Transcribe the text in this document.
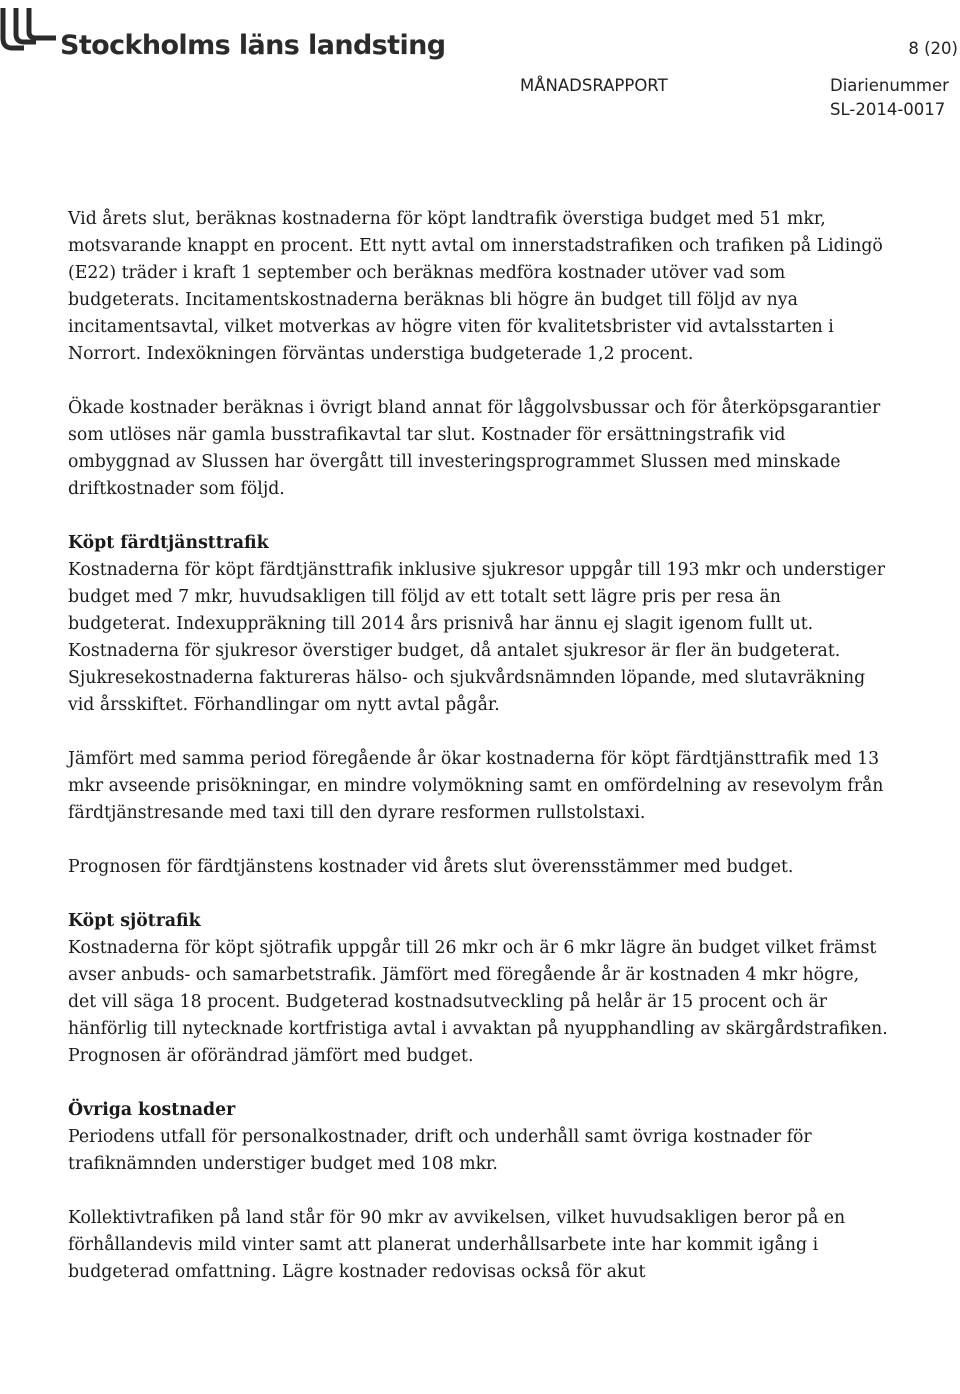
Stockholms läns landsting	8 (20)
MÅNADSRAPPORT	Diarienummer
SL-2014-0017

Vid årets slut, beräknas kostnaderna för köpt landtrafik överstiga budget med 51 mkr, motsvarande knappt en procent. Ett nytt avtal om innerstadstrafiken och trafiken på Lidingö (E22) träder i kraft 1 september och beräknas medföra kostnader utöver vad som budgeterats. Incitamentskostnaderna beräknas bli högre än budget till följd av nya incitamentsavtal, vilket motverkas av högre viten för kvalitetsbrister vid avtalsstarten i Norrort. Indexökningen förväntas understiga budgeterade 1,2 procent.

Ökade kostnader beräknas i övrigt bland annat för låggolvsbussar och för återköpsgarantier som utlöses när gamla busstrafikavtal tar slut. Kostnader för ersättningstrafik vid ombyggnad av Slussen har övergått till investeringsprogrammet Slussen med minskade driftkostnader som följd.

Köpt färdtjänsttrafik

Kostnaderna för köpt färdtjänsttrafik inklusive sjukresor uppgår till 193 mkr och understiger budget med 7 mkr, huvudsakligen till följd av ett totalt sett lägre pris per resa än budgeterat. Indexuppräkning till 2014 års prisnivå har ännu ej slagit igenom fullt ut. Kostnaderna för sjukresor överstiger budget, då antalet sjukresor är fler än budgeterat. Sjukresekostnaderna faktureras hälso- och sjukvårdsnämnden löpande, med slutavräkning vid årsskiftet. Förhandlingar om nytt avtal pågår.

Jämfört med samma period föregående år ökar kostnaderna för köpt färdtjänsttrafik med 13 mkr avseende prisökningar, en mindre volymökning samt en omfördelning av resevolym från färdtjänstresande med taxi till den dyrare resformen rullstolstaxi.

Prognosen för färdtjänstens kostnader vid årets slut överensstämmer med budget.

Köpt sjötrafik

Kostnaderna för köpt sjötrafik uppgår till 26 mkr och är 6 mkr lägre än budget vilket främst avser anbuds- och samarbetstrafik. Jämfört med föregående år är kostnaden 4 mkr högre, det vill säga 18 procent. Budgeterad kostnadsutveckling på helår är 15 procent och är hänförlig till nytecknade kortfristiga avtal i avvaktan på nyupphandling av skärgårdstrafiken. Prognosen är oförändrad jämfört med budget.

Övriga kostnader

Periodens utfall för personalkostnader, drift och underhåll samt övriga kostnader för trafiknämnden understiger budget med 108 mkr.

Kollektivtrafiken på land står för 90 mkr av avvikelsen, vilket huvudsakligen beror på en förhållandevis mild vinter samt att planerat underhållsarbete inte har kommit igång i budgeterad omfattning. Lägre kostnader redovisas också för akut
